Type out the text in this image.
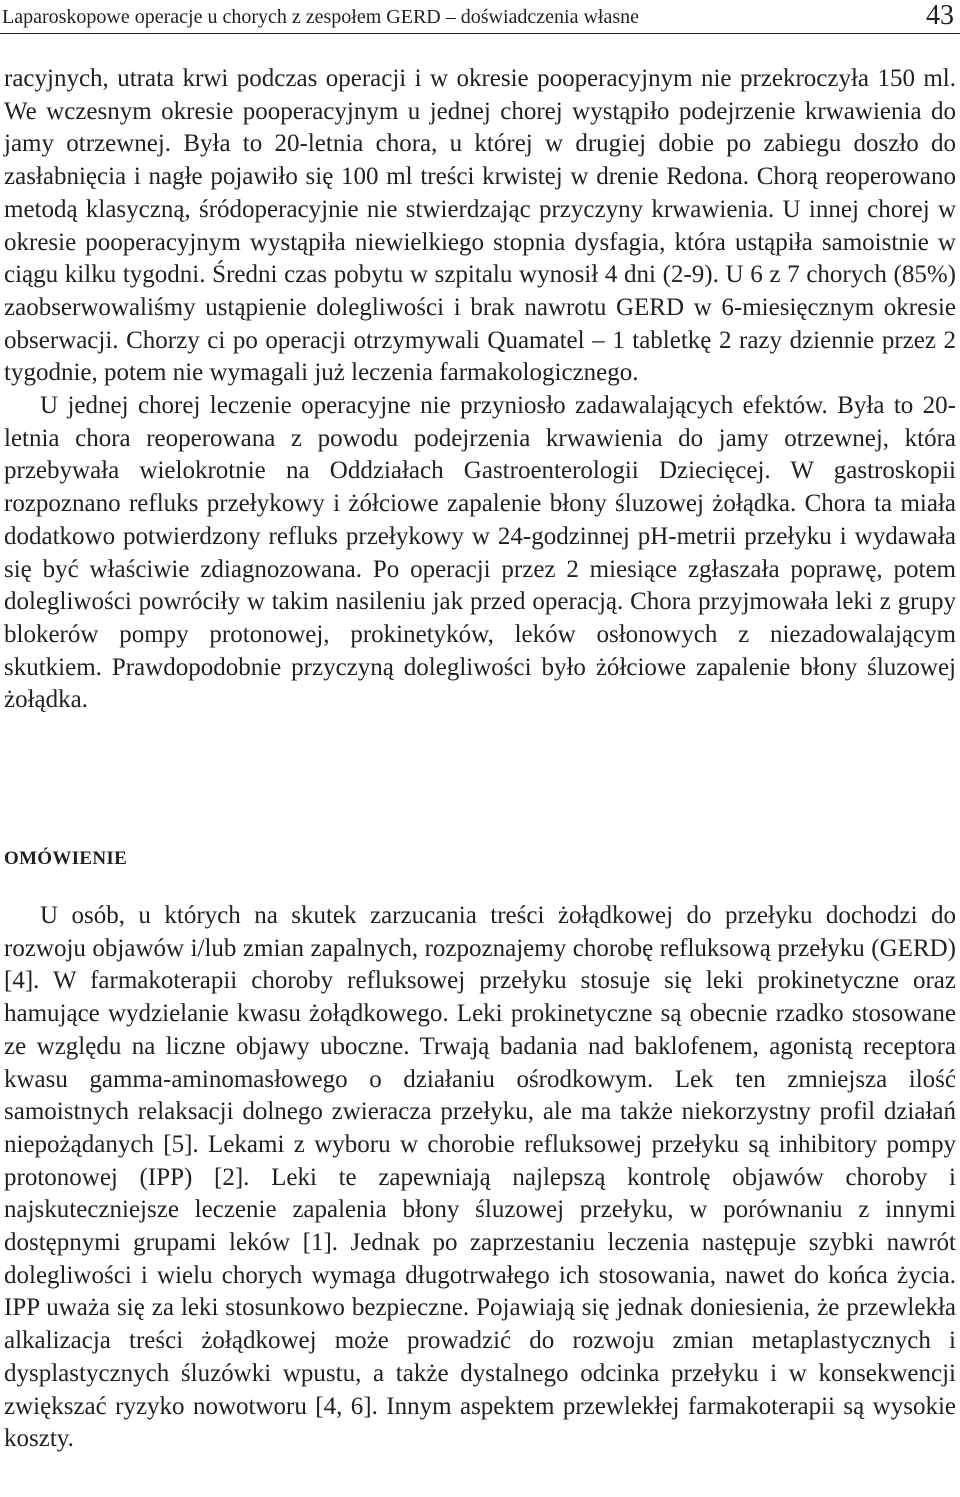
Laparoskopowe operacje u chorych z zespołem GERD – doświadczenia własne	43

racyjnych, utrata krwi podczas operacji i w okresie pooperacyjnym nie przekroczyła 150 ml. We wczesnym okresie pooperacyjnym u jednej chorej wystąpiło podejrzenie krwawienia do jamy otrzewnej. Była to 20-letnia chora, u której w drugiej dobie po zabiegu doszło do zasłabnięcia i nagłe pojawiło się 100 ml treści krwistej w drenie Redona. Chorą reoperowano metodą klasyczną, śródoperacyjnie nie stwierdzając przyczyny krwawienia. U innej chorej w okresie pooperacyjnym wystąpiła niewielkiego stopnia dysfagia, która ustąpiła samoistnie w ciągu kilku tygodni. Średni czas pobytu w szpitalu wynosił 4 dni (2-9). U 6 z 7 chorych (85%) zaobserwowaliśmy ustąpienie dolegliwości i brak nawrotu GERD w 6-miesięcznym okresie obserwacji. Chorzy ci po operacji otrzymywali Quamatel – 1 tabletkę 2 razy dziennie przez 2 tygodnie, potem nie wymagali już leczenia farmakologicznego.

U jednej chorej leczenie operacyjne nie przyniosło zadawalających efektów. Była to 20-letnia chora reoperowana z powodu podejrzenia krwawienia do jamy otrzewnej, która przebywała wielokrotnie na Oddziałach Gastroenterologii Dziecięcej. W gastroskopii rozpoznano refluks przełykowy i żółciowe zapalenie błony śluzowej żołądka. Chora ta miała dodatkowo potwierdzony refluks przełykowy w 24-godzinnej pH-metrii przełyku i wydawała się być właściwie zdiagnozowana. Po operacji przez 2 miesiące zgłaszała poprawę, potem dolegliwości powróciły w takim nasileniu jak przed operacją. Chora przyjmowała leki z grupy blokerów pompy protonowej, prokinetyków, leków osłonowych z niezadowalającym skutkiem. Prawdopodobnie przyczyną dolegliwości było żółciowe zapalenie błony śluzowej żołądka.

OMÓWIENIE

U osób, u których na skutek zarzucania treści żołądkowej do przełyku dochodzi do rozwoju objawów i/lub zmian zapalnych, rozpoznajemy chorobę refluksową przełyku (GERD) [4]. W farmakoterapii choroby refluksowej przełyku stosuje się leki prokinetyczne oraz hamujące wydzielanie kwasu żołądkowego. Leki prokinetyczne są obecnie rzadko stosowane ze względu na liczne objawy uboczne. Trwają badania nad baklofenem, agonistą receptora kwasu gamma-aminomasłowego o działaniu ośrodkowym. Lek ten zmniejsza ilość samoistnych relaksacji dolnego zwieracza przełyku, ale ma także niekorzystny profil działań niepożądanych [5]. Lekami z wyboru w chorobie refluksowej przełyku są inhibitory pompy protonowej (IPP) [2]. Leki te zapewniają najlepszą kontrolę objawów choroby i najskuteczniejsze leczenie zapalenia błony śluzowej przełyku, w porównaniu z innymi dostępnymi grupami leków [1]. Jednak po zaprzestaniu leczenia następuje szybki nawrót dolegliwości i wielu chorych wymaga długotrwałego ich stosowania, nawet do końca życia. IPP uważa się za leki stosunkowo bezpieczne. Pojawiają się jednak doniesienia, że przewlekła alkalizacja treści żołądkowej może prowadzić do rozwoju zmian metaplastycznych i dysplastycznych śluzówki wpustu, a także dystalnego odcinka przełyku i w konsekwencji zwiększać ryzyko nowotworu [4, 6]. Innym aspektem przewlekłej farmakoterapii są wysokie koszty.
